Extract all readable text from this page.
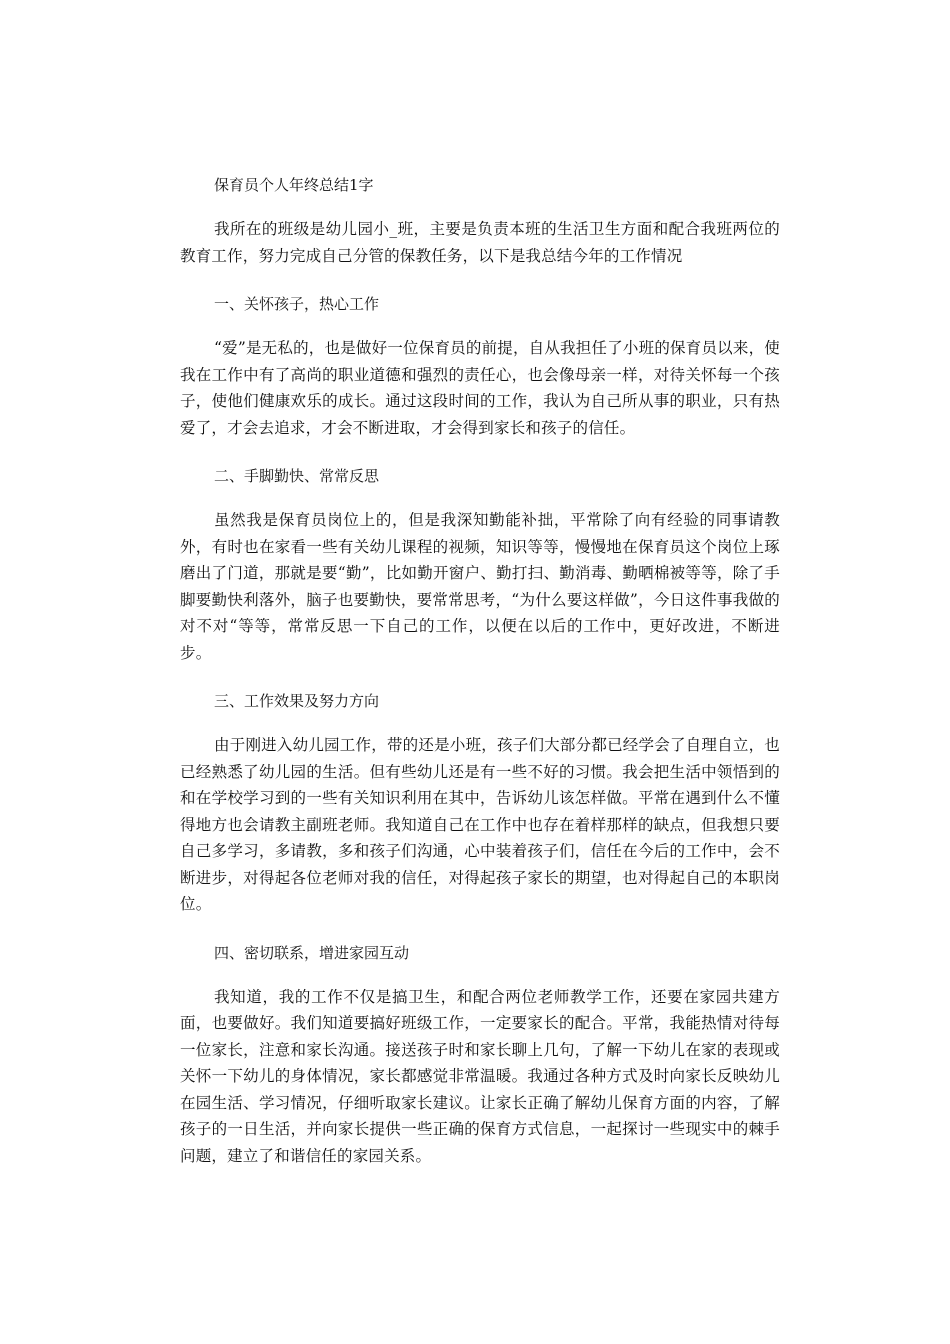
保育员个人年终总结1字

我所在的班级是幼儿园小_班，主要是负责本班的生活卫生方面和配合我班两位的教育工作，努力完成自己分管的保教任务，以下是我总结今年的工作情况

一、关怀孩子，热心工作

“爱”是无私的，也是做好一位保育员的前提，自从我担任了小班的保育员以来，使我在工作中有了高尚的职业道德和强烈的责任心，也会像母亲一样，对待关怀每一个孩子，使他们健康欢乐的成长。通过这段时间的工作，我认为自己所从事的职业，只有热爱了，才会去追求，才会不断进取，才会得到家长和孩子的信任。

二、手脚勤快、常常反思

虽然我是保育员岗位上的，但是我深知勤能补拙，平常除了向有经验的同事请教外，有时也在家看一些有关幼儿课程的视频，知识等等，慢慢地在保育员这个岗位上琢磨出了门道，那就是要“勤”，比如勤开窗户、勤打扫、勤消毒、勤晒棉被等等，除了手脚要勤快利落外，脑子也要勤快，要常常思考，“为什么要这样做”，今日这件事我做的对不对“等等，常常反思一下自己的工作，以便在以后的工作中，更好改进，不断进步。

三、工作效果及努力方向

由于刚进入幼儿园工作，带的还是小班，孩子们大部分都已经学会了自理自立，也已经熟悉了幼儿园的生活。但有些幼儿还是有一些不好的习惯。我会把生活中领悟到的和在学校学习到的一些有关知识利用在其中，告诉幼儿该怎样做。平常在遇到什么不懂得地方也会请教主副班老师。我知道自己在工作中也存在着样那样的缺点，但我想只要自己多学习，多请教，多和孩子们沟通，心中装着孩子们，信任在今后的工作中，会不断进步，对得起各位老师对我的信任，对得起孩子家长的期望，也对得起自己的本职岗位。

四、密切联系，增进家园互动

我知道，我的工作不仅是搞卫生，和配合两位老师教学工作，还要在家园共建方面，也要做好。我们知道要搞好班级工作，一定要家长的配合。平常，我能热情对待每一位家长，注意和家长沟通。接送孩子时和家长聊上几句，了解一下幼儿在家的表现或关怀一下幼儿的身体情况，家长都感觉非常温暖。我通过各种方式及时向家长反映幼儿在园生活、学习情况，仔细听取家长建议。让家长正确了解幼儿保育方面的内容，了解孩子的一日生活，并向家长提供一些正确的保育方式信息，一起探讨一些现实中的棘手问题，建立了和谐信任的家园关系。
